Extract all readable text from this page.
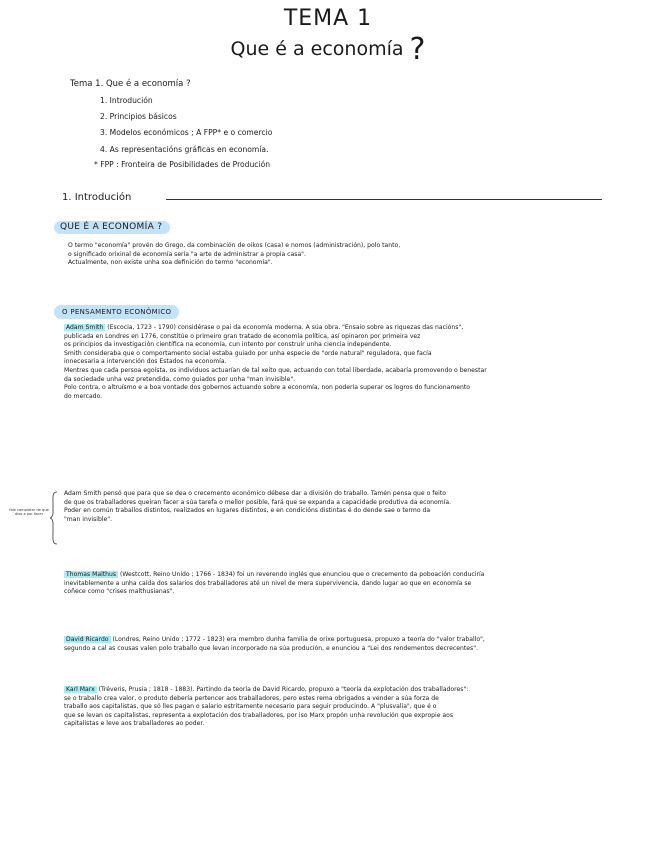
TEMA 1
Que é a economía ?
Tema 1. Que é a economía ?
1. Introdución
2. Principios básicos
3. Modelos económicos ; A FPP* e o comercio
4. As representacións gráficas en economía.
* FPP : Fronteira de Posibilidades de Produción
1. Introdución
QUE É A ECONOMÍA ?
O termo "economía" provén do Grego, da combinación de oikos (casa) e nomos (administración), polo tanto,
o significado orixinal de economía sería "a arte de administrar a propia casa".
Actualmente, non existe unha soa definición do termo "economía".
O PENSAMENTO ECONÓMICO
Adam Smith (Escocia, 1723 - 1790) considérase o pai da economía moderna. A súa obra, "Ensaio sobre as riquezas das nacións",
publicada en Londres en 1776, constitúe o primeiro gran tratado de economía política, así opinaron por primeira vez
os principios da investigación científica na economía, cun intento por construír unha ciencia independente.
Smith consideraba que o comportamento social estaba guiado por unha especie de "orde natural" reguladora, que facía
innecesaria a intervención dos Estados na economía.
Mentres que cada persoa egoísta, os individuos actuarían de tal xeito que, actuando con total liberdade, acabaría promovendo o benestar
da sociedade unha vez pretendida, como guiados por unha "man invisible".
Polo contra, o altruísmo e a boa vontade dos gobernos actuando sobre a economía, non podería superar os logros do funcionamento
do mercado.
fale completar de que dixo e por facer
Adam Smith pensó que para que se dea o crecemento económico débese dar a división do traballo. Tamén pensa que o feito
de que os traballadores queiran facer a súa tarefa o mellor posible, fará que se expanda a capacidade produtiva da economía.
Poder en común traballos distintos, realizados en lugares distintos, e en condicións distintas é do dende sae o termo da
"man invisible".
Thomas Malthus (Westcott, Reino Unido ; 1766 - 1834) foi un reverendo inglés que enunciou que o crecemento da poboación conduciría
inevitablemente a unha caída dos salarios dos traballadores até un nivel de mera supervivencia, dando lugar ao que en economía se
coñece como "crises malthusianas".
David Ricardo (Londres, Reino Unido ; 1772 - 1823) era membro dunha familia de orixe portuguesa, propuxo a teoría do "valor traballo",
segundo a cal as cousas valen polo traballo que levan incorporado na súa produción, e enunciou a "Lei dos rendementos decrecentes".
Karl Marx (Tréveris, Prusia ; 1818 - 1883). Partindo da teoría de David Ricardo, propuxo a "teoría da explotación dos traballadores":
se o traballo crea valor, o produto debería pertencer aos traballadores, pero estes rema obrigados a vender a súa forza de
traballo aos capitalistas, que só lles pagan o salario estritamente necesario para seguir producindo. A "plusvalía", que é o
que se levan os capitalistas, representa a explotación dos traballadores, por iso Marx propón unha revolución que expropie aos
capitalistas e leve aos traballadores ao poder.
